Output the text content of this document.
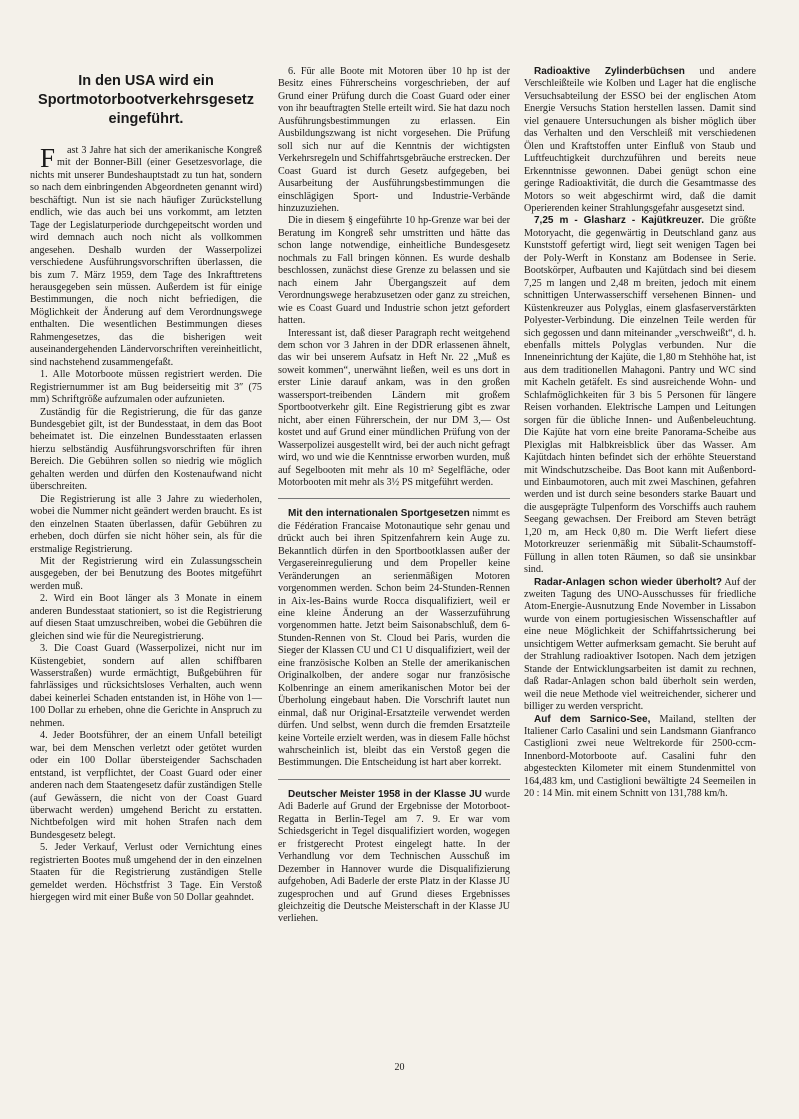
In den USA wird ein Sportmotorbootverkehrsgesetz eingeführt.

Fast 3 Jahre hat sich der amerikanische Kongreß mit der Bonner-Bill (einer Gesetzesvorlage, die nichts mit unserer Bundeshauptstadt zu tun hat, sondern so nach dem einbringenden Abgeordneten genannt wird) beschäftigt. Nun ist sie nach häufiger Zurückstellung endlich, wie das auch bei uns vorkommt, am letzten Tage der Legislaturperiode durchgepeitscht worden und wird demnach auch noch nicht als vollkommen angesehen. Deshalb wurden der Wasserpolizei verschiedene Ausführungsvorschriften überlassen, die bis zum 7. März 1959, dem Tage des Inkrafttretens herausgegeben sein müssen. Außerdem ist für einige Bestimmungen, die noch nicht befriedigen, die Möglichkeit der Änderung auf dem Verordnungswege enthalten. Die wesentlichen Bestimmungen dieses Rahmengesetzes, das die bisherigen weit auseinandergehenden Ländervorschriften vereinheitlicht, sind nachstehend zusammengefaßt.

1. Alle Motorboote müssen registriert werden. Die Registriernummer ist am Bug beiderseitig mit 3″ (75 mm) Schriftgröße aufzumalen oder aufzunieten.

Zuständig für die Registrierung, die für das ganze Bundesgebiet gilt, ist der Bundesstaat, in dem das Boot beheimatet ist. Die einzelnen Bundesstaaten erlassen hierzu selbständig Ausführungsvorschriften für ihren Bereich. Die Gebühren sollen so niedrig wie möglich gehalten werden und dürfen den Kostenaufwand nicht überschreiten.

Die Registrierung ist alle 3 Jahre zu wiederholen, wobei die Nummer nicht geändert werden braucht. Es ist den einzelnen Staaten überlassen, dafür Gebühren zu erheben, doch dürfen sie nicht höher sein, als für die erstmalige Registrierung.

Mit der Registrierung wird ein Zulassungsschein ausgegeben, der bei Benutzung des Bootes mitgeführt werden muß.

2. Wird ein Boot länger als 3 Monate in einem anderen Bundesstaat stationiert, so ist die Registrierung auf diesen Staat umzuschreiben, wobei die Gebühren die gleichen sind wie für die Neuregistrierung.

3. Die Coast Guard (Wasserpolizei, nicht nur im Küstengebiet, sondern auf allen schiffbaren Wasserstraßen) wurde ermächtigt, Bußgebühren für fahrlässiges und rücksichtsloses Verhalten, auch wenn dabei keinerlei Schaden entstanden ist, in Höhe von 1—100 Dollar zu erheben, ohne die Gerichte in Anspruch zu nehmen.

4. Jeder Bootsführer, der an einem Unfall beteiligt war, bei dem Menschen verletzt oder getötet wurden oder ein 100 Dollar übersteigender Sachschaden entstand, ist verpflichtet, der Coast Guard oder einer anderen nach dem Staatengesetz dafür zuständigen Stelle (auf Gewässern, die nicht von der Coast Guard überwacht werden) umgehend Bericht zu erstatten. Nichtbefolgen wird mit hohen Strafen nach dem Bundesgesetz belegt.

5. Jeder Verkauf, Verlust oder Vernichtung eines registrierten Bootes muß umgehend der in den einzelnen Staaten für die Registrierung zuständigen Stelle gemeldet werden. Höchstfrist 3 Tage. Ein Verstoß hiergegen wird mit einer Buße von 50 Dollar geahndet.

6. Für alle Boote mit Motoren über 10 hp ist der Besitz eines Führerscheins vorgeschrieben, der auf Grund einer Prüfung durch die Coast Guard oder einer von ihr beauftragten Stelle erteilt wird. Sie hat dazu noch Ausführungsbestimmungen zu erlassen. Ein Ausbildungszwang ist nicht vorgesehen. Die Prüfung soll sich nur auf die Kenntnis der wichtigsten Verkehrsregeln und Schiffahrtsgebräuche erstrecken. Der Coast Guard ist durch Gesetz aufgegeben, bei Ausarbeitung der Ausführungsbestimmungen die einschlägigen Sport- und Industrie-Verbände hinzuzuziehen.

Die in diesem § eingeführte 10 hp-Grenze war bei der Beratung im Kongreß sehr umstritten und hätte das schon lange notwendige, einheitliche Bundesgesetz nochmals zu Fall bringen können. Es wurde deshalb beschlossen, zunächst diese Grenze zu belassen und sie nach einem Jahr Übergangszeit auf dem Verordnungswege herabzusetzen oder ganz zu streichen, wie es Coast Guard und Industrie schon jetzt gefordert hatten.

Interessant ist, daß dieser Paragraph recht weitgehend dem schon vor 3 Jahren in der DDR erlassenen ähnelt, das wir bei unserem Aufsatz in Heft Nr. 22 „Muß es soweit kommen“, unerwähnt ließen, weil es uns dort in erster Linie darauf ankam, was in den großen wassersport-treibenden Ländern mit großem Sportbootverkehr gilt. Eine Registrierung gibt es zwar nicht, aber einen Führerschein, der nur DM 3,— Ost kostet und auf Grund einer mündlichen Prüfung von der Wasserpolizei ausgestellt wird, bei der auch nicht gefragt wird, wo und wie die Kenntnisse erworben wurden, muß auf Segelbooten mit mehr als 10 m² Segelfläche, oder Motorbooten mit mehr als 3½ PS mitgeführt werden.

Mit den internationalen Sportgesetzen nimmt es die Fédération Francaise Motonautique sehr genau und drückt auch bei ihren Spitzenfahrern kein Auge zu. Bekanntlich dürfen in den Sportbootklassen außer der Vergasereinregulierung und dem Propeller keine Veränderungen an serienmäßigen Motoren vorgenommen werden. Schon beim 24-Stunden-Rennen in Aix-les-Bains wurde Rocca disqualifiziert, weil er eine kleine Änderung an der Wasserzuführung vorgenommen hatte. Jetzt beim Saisonabschluß, dem 6-Stunden-Rennen von St. Cloud bei Paris, wurden die Sieger der Klassen CU und C1 U disqualifiziert, weil der eine französische Kolben an Stelle der amerikanischen Originalkolben, der andere sogar nur französische Kolbenringe an einem amerikanischen Motor bei der Überholung eingebaut haben. Die Vorschrift lautet nun einmal, daß nur Original-Ersatzteile verwendet werden dürfen. Und selbst, wenn durch die fremden Ersatzteile keine Vorteile erzielt werden, was in diesem Falle höchst wahrscheinlich ist, bleibt das ein Verstoß gegen die Bestimmungen. Die Entscheidung ist hart aber korrekt.

Deutscher Meister 1958 in der Klasse JU wurde Adi Baderle auf Grund der Ergebnisse der Motorboot-Regatta in Berlin-Tegel am 7. 9. Er war vom Schiedsgericht in Tegel disqualifiziert worden, wogegen er fristgerecht Protest eingelegt hatte. In der Verhandlung vor dem Technischen Ausschuß im Dezember in Hannover wurde die Disqualifizierung aufgehoben, Adi Baderle der erste Platz in der Klasse JU zugesprochen und auf Grund dieses Ergebnisses gleichzeitig die Deutsche Meisterschaft in der Klasse JU verliehen.

Radioaktive Zylinderbüchsen und andere Verschleißteile wie Kolben und Lager hat die englische Versuchsabteilung der ESSO bei der englischen Atom Energie Versuchs Station herstellen lassen. Damit sind viel genauere Untersuchungen als bisher möglich über das Verhalten und den Verschleiß mit verschiedenen Ölen und Kraftstoffen unter Einfluß von Staub und Luftfeuchtigkeit durchzuführen und bereits neue Erkenntnisse gewonnen. Dabei genügt schon eine geringe Radioaktivität, die durch die Gesamtmasse des Motors so weit abgeschirmt wird, daß die damit Operierenden keiner Strahlungsgefahr ausgesetzt sind.

7,25 m - Glasharz - Kajütkreuzer. Die größte Motoryacht, die gegenwärtig in Deutschland ganz aus Kunststoff gefertigt wird, liegt seit wenigen Tagen bei der Poly-Werft in Konstanz am Bodensee in Serie. Bootskörper, Aufbauten und Kajütdach sind bei diesem 7,25 m langen und 2,48 m breiten, jedoch mit einem schnittigen Unterwasserschiff versehenen Binnen- und Küstenkreuzer aus Polyglas, einem glasfaserverstärkten Polyester-Verbindung. Die einzelnen Teile werden für sich gegossen und dann miteinander „verschweißt“, d. h. ebenfalls mittels Polyglas verbunden. Nur die Inneneinrichtung der Kajüte, die 1,80 m Stehhöhe hat, ist aus dem traditionellen Mahagoni. Pantry und WC sind mit Kacheln getäfelt. Es sind ausreichende Wohn- und Schlafmöglichkeiten für 3 bis 5 Personen für längere Reisen vorhanden. Elektrische Lampen und Leitungen sorgen für die übliche Innen- und Außenbeleuchtung. Die Kajüte hat vorn eine breite Panorama-Scheibe aus Plexiglas mit Halbkreisblick über das Wasser. Am Kajütdach hinten befindet sich der erhöhte Steuerstand mit Windschutzscheibe. Das Boot kann mit Außenbord- und Einbaumotoren, auch mit zwei Maschinen, gefahren werden und ist durch seine besonders starke Bauart und die ausgeprägte Tulpenform des Vorschiffs auch rauhem Seegang gewachsen. Der Freibord am Steven beträgt 1,20 m, am Heck 0,80 m. Die Werft liefert diese Motorkreuzer serienmäßig mit Sübalit-Schaumstoff-Füllung in allen toten Räumen, so daß sie unsinkbar sind.

Radar-Anlagen schon wieder überholt? Auf der zweiten Tagung des UNO-Ausschusses für friedliche Atom-Energie-Ausnutzung Ende November in Lissabon wurde von einem portugiesischen Wissenschaftler auf eine neue Möglichkeit der Schiffahrtssicherung bei unsichtigem Wetter aufmerksam gemacht. Sie beruht auf der Strahlung radioaktiver Isotopen. Nach dem jetzigen Stande der Entwicklungsarbeiten ist damit zu rechnen, daß Radar-Anlagen schon bald überholt sein werden, weil die neue Methode viel weitreichender, sicherer und billiger zu werden verspricht.

Auf dem Sarnico-See, Mailand, stellten der Italiener Carlo Casalini und sein Landsmann Gianfranco Castiglioni zwei neue Weltrekorde für 2500-ccm-Innenbord-Motorboote auf. Casalini fuhr den abgesteckten Kilometer mit einem Stundenmittel von 164,483 km, und Castiglioni bewältigte 24 Seemeilen in 20 : 14 Min. mit einem Schnitt von 131,788 km/h.

20
